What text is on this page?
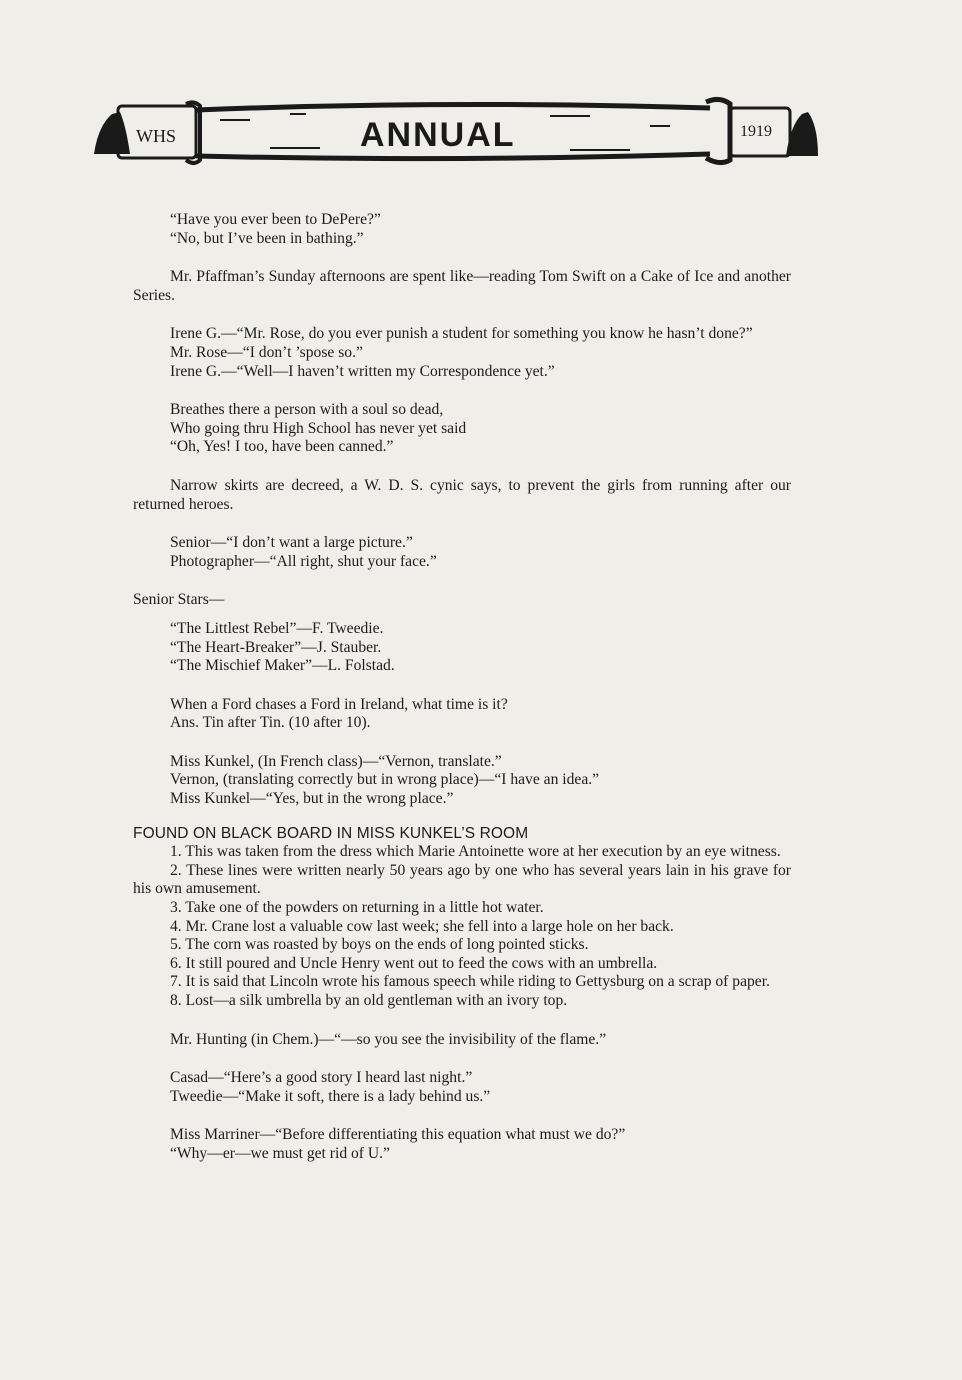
WHS	ANNUAL	1919

“Have you ever been to DePere?”

“No, but I’ve been in bathing.”

Mr. Pfaffman’s Sunday afternoons are spent like—reading Tom Swift on a Cake of Ice and another Series.

Irene G.—“Mr. Rose, do you ever punish a student for something you know he hasn’t done?”

Mr. Rose—“I don’t ’spose so.”

Irene G.—“Well—I haven’t written my Correspondence yet.”

Breathes there a person with a soul so dead,

Who going thru High School has never yet said

“Oh, Yes! I too, have been canned.”

Narrow skirts are decreed, a W. D. S. cynic says, to prevent the girls from running after our returned heroes.

Senior—“I don’t want a large picture.”

Photographer—“All right, shut your face.”

Senior Stars—

“The Littlest Rebel”—F. Tweedie.

“The Heart-Breaker”—J. Stauber.

“The Mischief Maker”—L. Folstad.

When a Ford chases a Ford in Ireland, what time is it?

Ans. Tin after Tin. (10 after 10).

Miss Kunkel, (In French class)—“Vernon, translate.”

Vernon, (translating correctly but in wrong place)—“I have an idea.”

Miss Kunkel—“Yes, but in the wrong place.”

FOUND ON BLACK BOARD IN MISS KUNKEL’S ROOM

1. This was taken from the dress which Marie Antoinette wore at her execution by an eye witness.

2. These lines were written nearly 50 years ago by one who has several years lain in his grave for his own amusement.

3. Take one of the powders on returning in a little hot water.

4. Mr. Crane lost a valuable cow last week; she fell into a large hole on her back.

5. The corn was roasted by boys on the ends of long pointed sticks.

6. It still poured and Uncle Henry went out to feed the cows with an umbrella.

7. It is said that Lincoln wrote his famous speech while riding to Gettysburg on a scrap of paper.

8. Lost—a silk umbrella by an old gentleman with an ivory top.

Mr. Hunting (in Chem.)—“—so you see the invisibility of the flame.”

Casad—“Here’s a good story I heard last night.”

Tweedie—“Make it soft, there is a lady behind us.”

Miss Marriner—“Before differentiating this equation what must we do?”

“Why—er—we must get rid of U.”
